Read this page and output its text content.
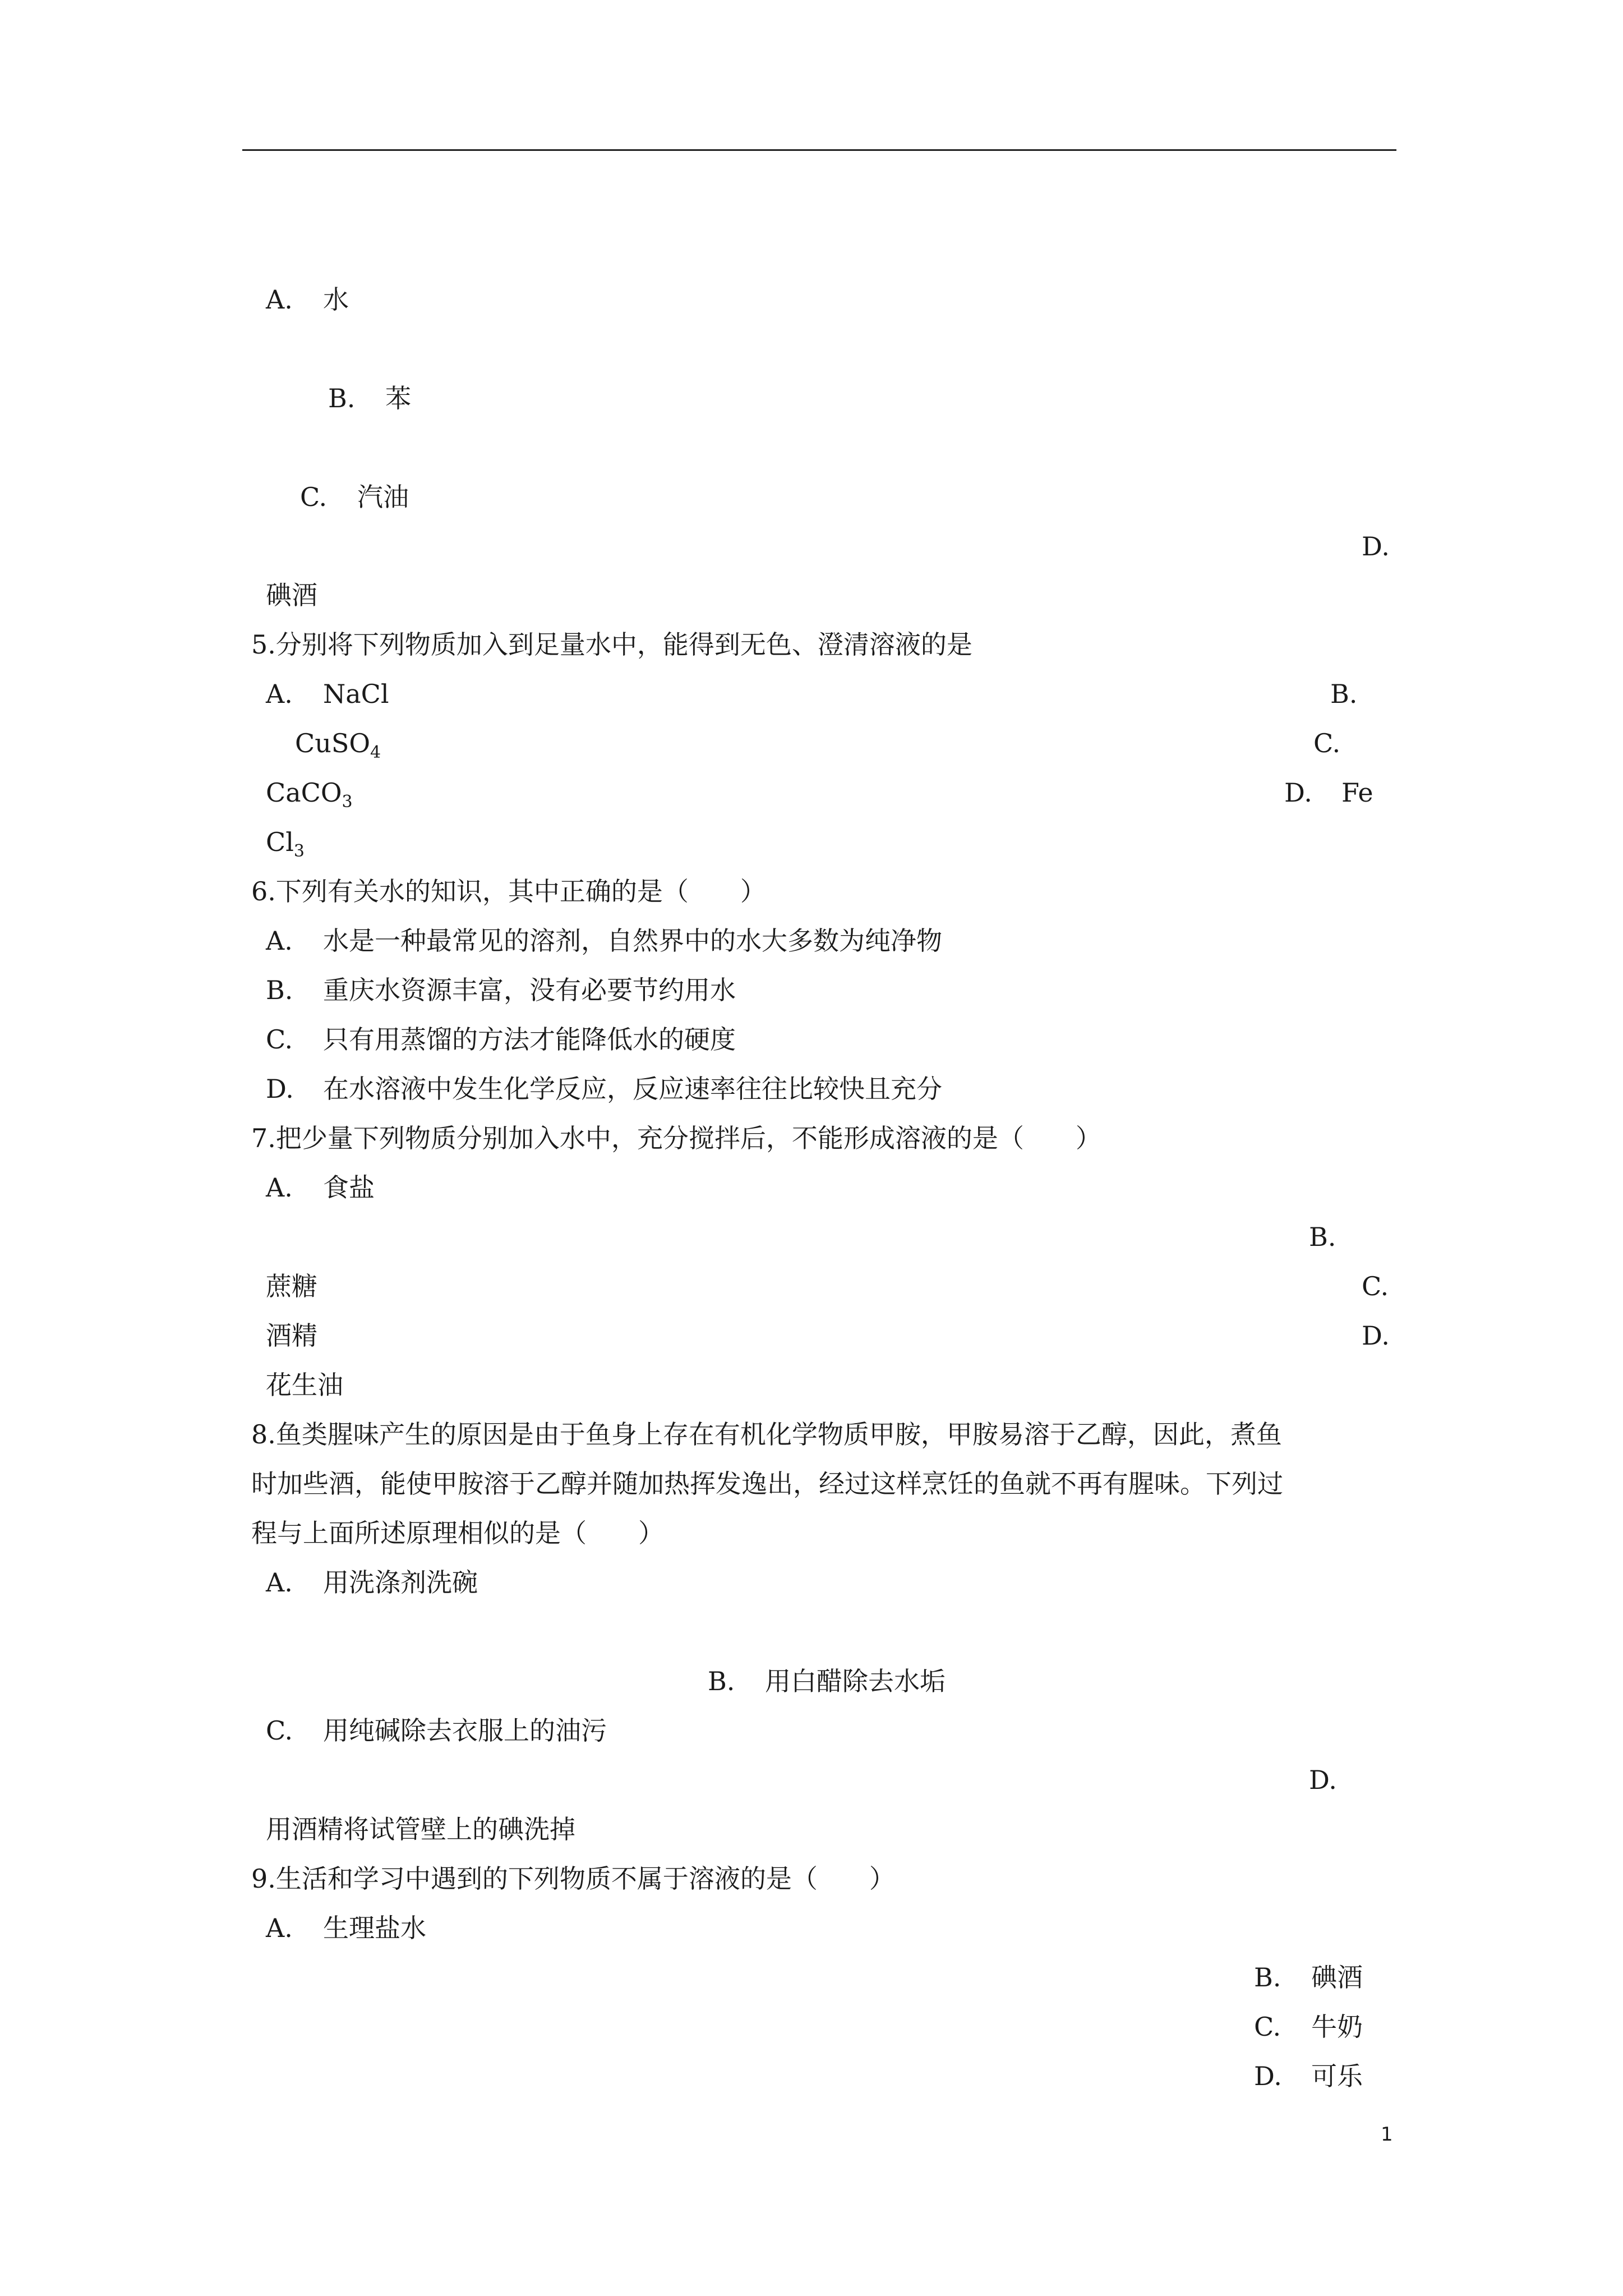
A. 水
B. 苯
C. 汽油
D.
碘酒
5.分别将下列物质加入到足量水中，能得到无色、澄清溶液的是
A. NaCl	B.
CuSO$_4$	C.
CaCO$_3$	D. Fe
$Cl_3$
6.下列有关水的知识，其中正确的是（　　）
A. 水是一种最常见的溶剂，自然界中的水大多数为纯净物
B. 重庆水资源丰富，没有必要节约用水
C. 只有用蒸馏的方法才能降低水的硬度
D. 在水溶液中发生化学反应，反应速率往往比较快且充分
7.把少量下列物质分别加入水中，充分搅拌后，不能形成溶液的是（　　）
A. 食盐
B.
蔗糖	C.
酒精	D.
花生油
8.鱼类腥味产生的原因是由于鱼身上存在有机化学物质甲胺，甲胺易溶于乙醇，因此，煮鱼
时加些酒，能使甲胺溶于乙醇并随加热挥发逸出，经过这样烹饪的鱼就不再有腥味。下列过
程与上面所述原理相似的是（　　）
A. 用洗涤剂洗碗
B. 用白醋除去水垢
C. 用纯碱除去衣服上的油污
D.
用酒精将试管壁上的碘洗掉
9.生活和学习中遇到的下列物质不属于溶液的是（　　）
A. 生理盐水
B. 碘酒
C. 牛奶
D. 可乐
1
